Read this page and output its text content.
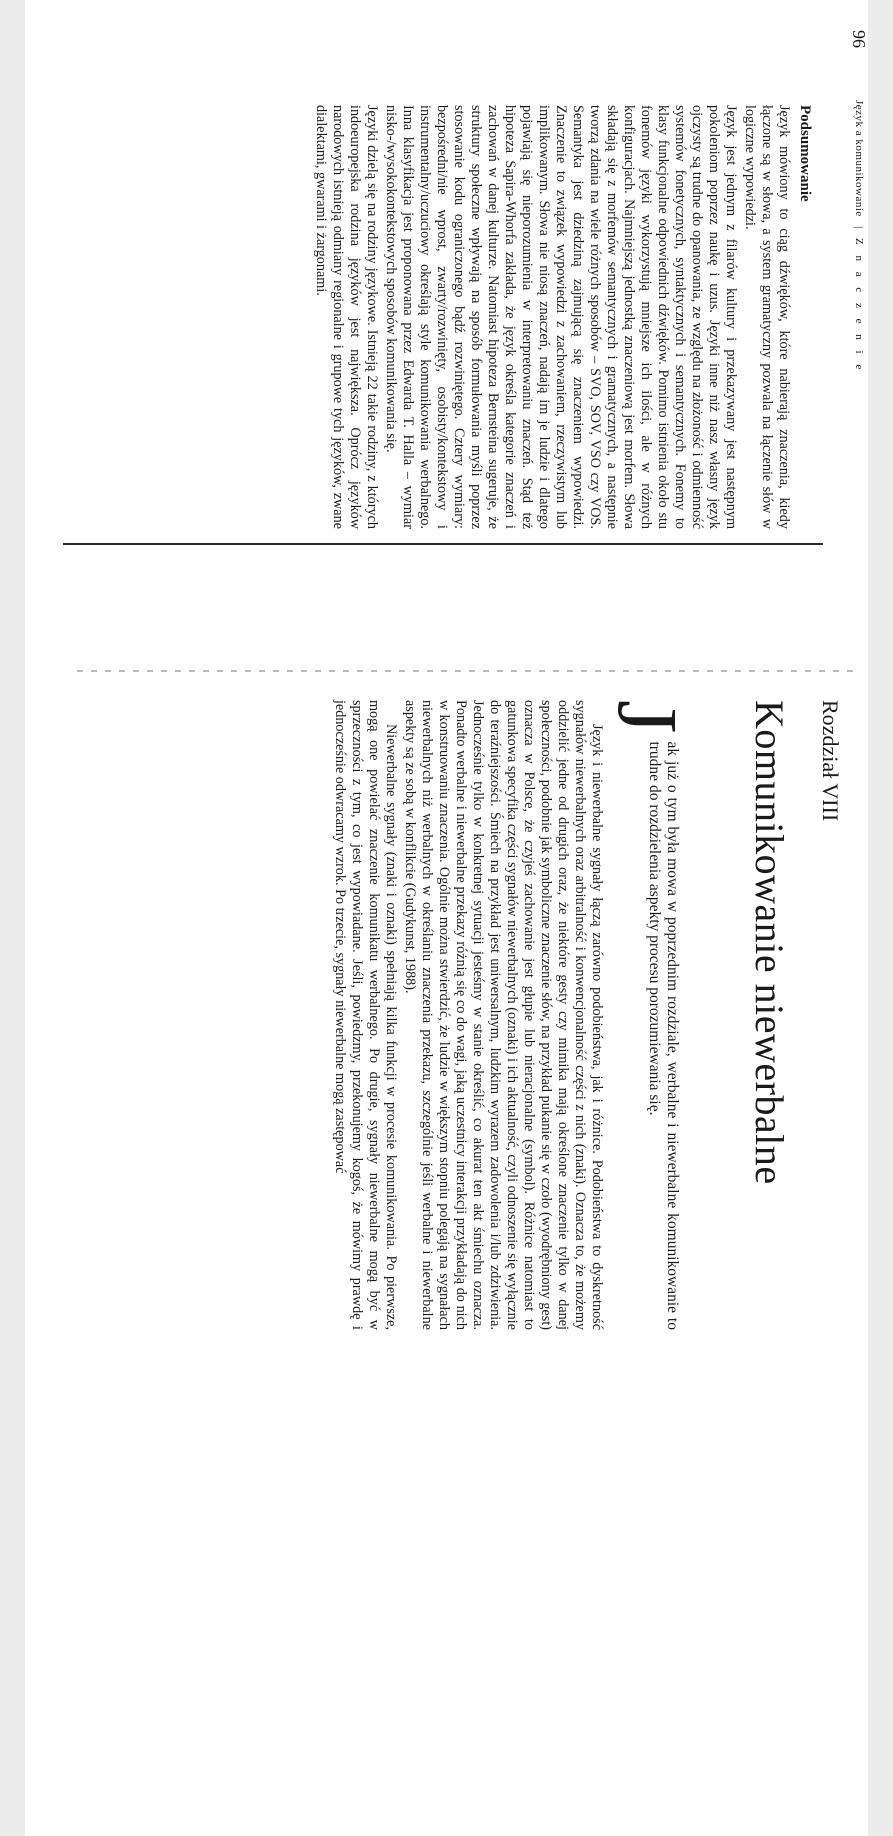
96
Język a komunikowanie | Z n a c z e n i e
Podsumowanie

Język mówiony to ciąg dźwięków, które nabierają znaczenia, kiedy łączone są w słowa, a system gramatyczny pozwala na łączenie słów w logiczne wypowiedzi.

Język jest jednym z filarów kultury i przekazywany jest następnym pokoleniom poprzez naukę i uzus. Języki inne niż nasz własny język ojczysty są trudne do opanowania, ze względu na złożoność i odmienność systemów fonetycznych, syntaktycznych i semantycznych. Fonemy to klasy funkcjonalne odpowiednich dźwięków. Pomimo istnienia około stu fonemów języki wykorzystują mniejsze ich ilości, ale w różnych konfiguracjach. Najmniejszą jednostką znaczeniową jest morfem. Słowa składają się z morfemów semantycznych i gramatycznych, a następnie tworzą zdania na wiele różnych sposobów – SVO, SOV, VSO czy VOS. Semantyka jest dziedziną zajmującą się znaczeniem wypowiedzi. Znaczenie to związek wypowiedzi z zachowaniem, rzeczywistym lub implikowanym. Słowa nie niosą znaczeń, nadają im je ludzie i dlatego pojawiają się nieporozumienia w interpretowaniu znaczeń. Stąd też hipoteza Sapira-Whorfa zakłada, że język określa kategorie znaczeń i zachowań w danej kulturze. Natomiast hipoteza Bernsteina sugeruje, że struktury społeczne wpływają na sposób formułowania myśli poprzez stosowanie kodu ograniczonego bądź rozwiniętego. Cztery wymiary: bezpośredni/nie wprost, zwarty/rozwinięty, osobisty/kontekstowy i instrumentalny/uczuciowy określają style komunikowania werbalnego. Inna klasyfikacja jest proponowana przez Edwarda T. Halla – wymiar nisko-/wysokokontekstowych sposobów komunikowania się.

Języki dzielą się na rodziny językowe. Istnieją 22 takie rodziny, z których indoeuropejska rodzina języków jest największa. Oprócz języków narodowych istnieją odmiany regionalne i grupowe tych języków, zwane dialektami, gwarami i żargonami.

Rozdział VIII
Komunikowanie niewerbalne
J
ak już o tym była mowa w poprzednim rozdziale, werbalne i niewerbalne komunikowanie to trudne do rozdzielenia aspekty procesu porozumiewania się.

Język i niewerbalne sygnały łączą zarówno podobieństwa, jak i różnice. Podobieństwa to dyskretność sygnałów niewerbalnych oraz arbitralność i konwencjonalność części z nich (znaki). Oznacza to, że możemy oddzielić jedne od drugich oraz, że niektóre gesty czy mimika mają określone znaczenie tylko w danej społeczności, podobnie jak symboliczne znaczenie słów, na przykład pukanie się w czoło (wyodrębniony gest) oznacza w Polsce, że czyjeś zachowanie jest głupie lub nieracjonalne (symbol). Różnice natomiast to gatunkowa specyfika części sygnałów niewerbalnych (oznaki) i ich aktualność, czyli odnoszenie się wyłącznie do teraźniejszości. Śmiech na przykład jest uniwersalnym, ludzkim wyrazem zadowolenia i/lub zdziwienia. Jednocześnie tylko w konkretnej sytuacji jesteśmy w stanie określić, co akurat ten akt śmiechu oznacza. Ponadto werbalne i niewerbalne przekazy różnią się co do wagi, jaką uczestnicy interakcji przykładają do nich w konstruowaniu znaczenia. Ogólnie można stwierdzić, że ludzie w większym stopniu polegają na sygnałach niewerbalnych niż werbalnych w określaniu znaczenia przekazu, szczególnie jeśli werbalne i niewerbalne aspekty są ze sobą w konflikcie (Gudykunst, 1988).

Niewerbalne sygnały (znaki i oznaki) spełniają kilka funkcji w procesie komunikowania. Po pierwsze, mogą one powielać znaczenie komunikatu werbalnego. Po drugie, sygnały niewerbalne mogą być w sprzeczności z tym, co jest wypowiadane. Jeśli, powiedzmy, przekonujemy kogoś, że mówimy prawdę i jednocześnie odwracamy wzrok. Po trzecie, sygnały niewerbalne mogą zastępować
